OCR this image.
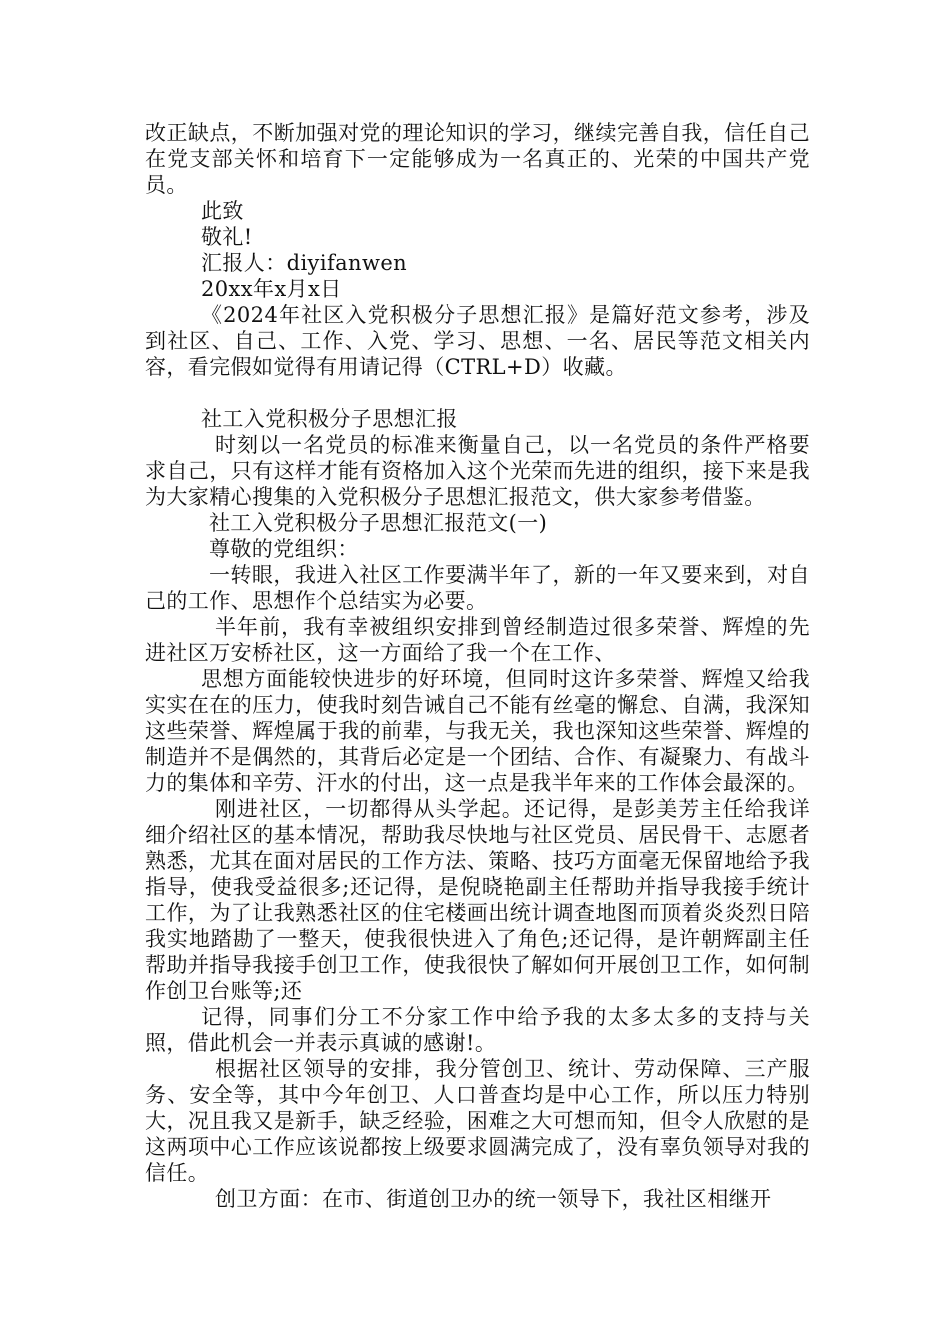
改正缺点，不断加强对党的理论知识的学习，继续完善自我，信任自己在党支部关怀和培育下一定能够成为一名真正的、光荣的中国共产党员。

此致

敬礼!

汇报人：diyifanwen

20xx年x月x日

《2024年社区入党积极分子思想汇报》是篇好范文参考，涉及到社区、自己、工作、入党、学习、思想、一名、居民等范文相关内容，看完假如觉得有用请记得（CTRL+D）收藏。

社工入党积极分子思想汇报

时刻以一名党员的标准来衡量自己，以一名党员的条件严格要求自己，只有这样才能有资格加入这个光荣而先进的组织，接下来是我为大家精心搜集的入党积极分子思想汇报范文，供大家参考借鉴。

社工入党积极分子思想汇报范文(一)

尊敬的党组织：

一转眼，我进入社区工作要满半年了，新的一年又要来到，对自己的工作、思想作个总结实为必要。

半年前，我有幸被组织安排到曾经制造过很多荣誉、辉煌的先进社区万安桥社区，这一方面给了我一个在工作、

思想方面能较快进步的好环境，但同时这许多荣誉、辉煌又给我实实在在的压力，使我时刻告诫自己不能有丝毫的懈怠、自满，我深知这些荣誉、辉煌属于我的前辈，与我无关，我也深知这些荣誉、辉煌的制造并不是偶然的，其背后必定是一个团结、合作、有凝聚力、有战斗力的集体和辛劳、汗水的付出，这一点是我半年来的工作体会最深的。

刚进社区，一切都得从头学起。还记得，是彭美芳主任给我详细介绍社区的基本情况，帮助我尽快地与社区党员、居民骨干、志愿者熟悉，尤其在面对居民的工作方法、策略、技巧方面毫无保留地给予我指导，使我受益很多;还记得，是倪晓艳副主任帮助并指导我接手统计工作，为了让我熟悉社区的住宅楼画出统计调查地图而顶着炎炎烈日陪我实地踏勘了一整天，使我很快进入了角色;还记得，是许朝辉副主任帮助并指导我接手创卫工作，使我很快了解如何开展创卫工作，如何制作创卫台账等;还

记得，同事们分工不分家工作中给予我的太多太多的支持与关照，借此机会一并表示真诚的感谢!。

根据社区领导的安排，我分管创卫、统计、劳动保障、三产服务、安全等，其中今年创卫、人口普查均是中心工作，所以压力特别大，况且我又是新手，缺乏经验，困难之大可想而知，但令人欣慰的是这两项中心工作应该说都按上级要求圆满完成了，没有辜负领导对我的信任。

创卫方面：在市、街道创卫办的统一领导下，我社区相继开
